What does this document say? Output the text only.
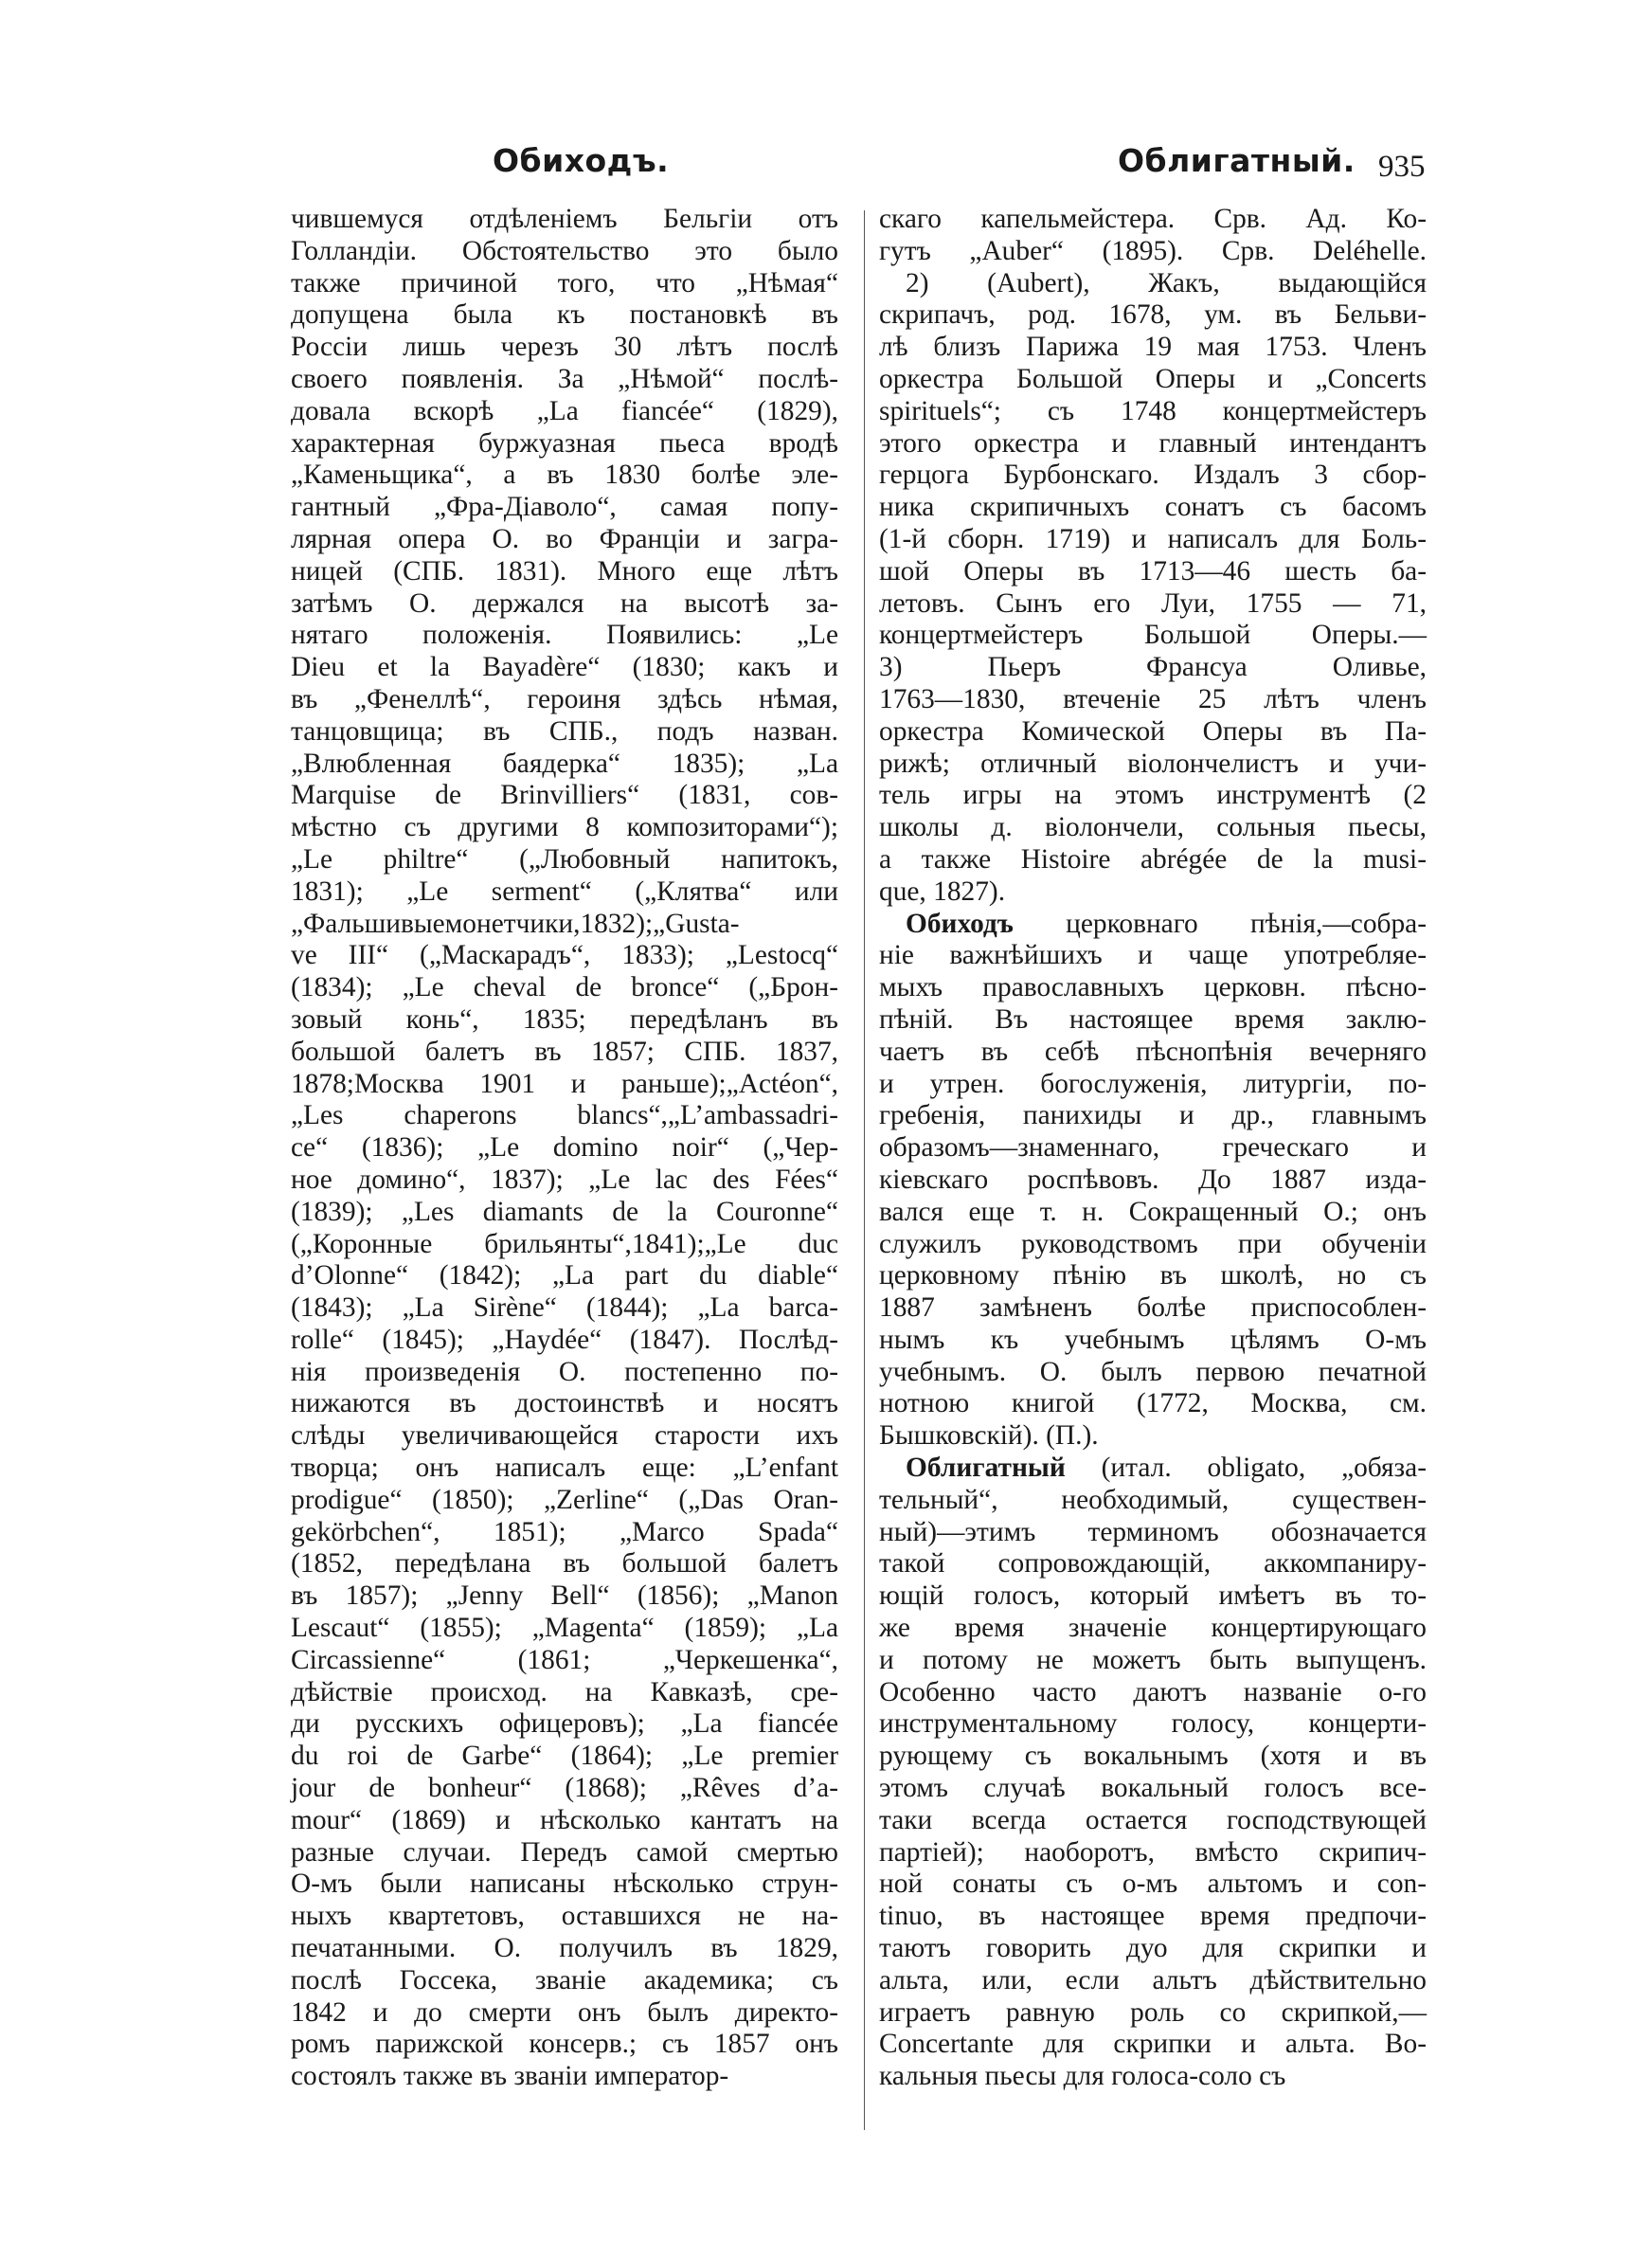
Обиходъ.	Облигатный. 935
чившемуся отдѣленіемъ Бельгіи отъ
Голландіи. Обстоятельство это было
также причиной того, что „Нѣмая“
допущена была къ постановкѣ въ
Россіи лишь черезъ 30 лѣтъ послѣ
своего появленія. За „Нѣмой“ послѣ-
довала вскорѣ „La fiancée“ (1829),
характерная буржуазная пьеса вродѣ
„Каменьщика“, а въ 1830 болѣе эле-
гантный „Фра-Діаволо“, самая попу-
лярная опера О. во Франціи и загра-
ницей (СПБ. 1831). Много еще лѣтъ
затѣмъ О. держался на высотѣ за-
нятаго положенія. Появились: „Le
Dieu et la Bayadère“ (1830; какъ и
въ „Фенеллѣ“, героиня здѣсь нѣмая,
танцовщица; въ СПБ., подъ назван.
„Влюбленная баядерка“ 1835); „La
Marquise de Brinvilliers“ (1831, сов-
мѣстно съ другими 8 композиторами“);
„Le philtre“ („Любовный напитокъ,
1831); „Le serment“ („Клятва“ или
„Фальшивыемонетчики,1832);„Gusta-
ve III“ („Маскарадъ“, 1833); „Lestocq“
(1834); „Le cheval de bronce“ („Брон-
зовый конь“, 1835; передѣланъ въ
большой балетъ въ 1857; СПБ. 1837,
1878;Москва 1901 и раньше);„Actéon“,
„Les chaperons blancs“,„L’ambassadri-
ce“ (1836); „Le domino noir“ („Чер-
ное домино“, 1837); „Le lac des Fées“
(1839); „Les diamants de la Couronne“
(„Коронные брильянты“,1841);„Le duc
d’Olonne“ (1842); „La part du diable“
(1843); „La Sirène“ (1844); „La barca-
rolle“ (1845); „Haydée“ (1847). Послѣд-
нія произведенія О. постепенно по-
нижаются въ достоинствѣ и носятъ
слѣды увеличивающейся старости ихъ
творца; онъ написалъ еще: „L’enfant
prodigue“ (1850); „Zerline“ („Das Oran-
gekörbchen“, 1851); „Marco Spada“
(1852, передѣлана въ большой балетъ
въ 1857); „Jenny Bell“ (1856); „Manon
Lescaut“ (1855); „Magenta“ (1859); „La
Circassienne“ (1861; „Черкешенка“,
дѣйствіе происход. на Кавказѣ, сре-
ди русскихъ офицеровъ); „La fiancée
du roi de Garbe“ (1864); „Le premier
jour de bonheur“ (1868); „Rêves d’a-
mour“ (1869) и нѣсколько кантатъ на
разные случаи. Передъ самой смертью
О-мъ были написаны нѣсколько струн-
ныхъ квартетовъ, оставшихся не на-
печатанными. О. получилъ въ 1829,
послѣ Госсека, званіе академика; съ
1842 и до смерти онъ былъ директо-
ромъ парижской консерв.; съ 1857 онъ
состоялъ также въ званіи император-
скаго капельмейстера. Срв. Ад. Ко-
гутъ „Auber“ (1895). Срв. Deléhelle.
2) (Aubert), Жакъ, выдающійся
скрипачъ, род. 1678, ум. въ Бельви-
лѣ близъ Парижа 19 мая 1753. Членъ
оркестра Большой Оперы и „Concerts
spirituels“; съ 1748 концертмейстеръ
этого оркестра и главный интендантъ
герцога Бурбонскаго. Издалъ 3 сбор-
ника скрипичныхъ сонатъ съ басомъ
(1-й сборн. 1719) и написалъ для Боль-
шой Оперы въ 1713—46 шесть ба-
летовъ. Сынъ его Луи, 1755 — 71,
концертмейстеръ Большой Оперы.—
3) Пьеръ Франсуа Оливье,
1763—1830, втеченіе 25 лѣтъ членъ
оркестра Комической Оперы въ Па-
рижѣ; отличный віолончелистъ и учи-
тель игры на этомъ инструментѣ (2
школы д. віолончели, сольныя пьесы,
а также Histoire abrégée de la musi-
que, 1827).
Обиходъ церковнаго пѣнія,—собра-
ніе важнѣйшихъ и чаще употребляе-
мыхъ православныхъ церковн. пѣсно-
пѣній. Въ настоящее время заклю-
чаетъ въ себѣ пѣснопѣнія вечерняго
и утрен. богослуженія, литургіи, по-
гребенія, панихиды и др., главнымъ
образомъ—знаменнаго, греческаго и
кіевскаго роспѣвовъ. До 1887 изда-
вался еще т. н. Сокращенный О.; онъ
служилъ руководствомъ при обученіи
церковному пѣнію въ школѣ, но съ
1887 замѣненъ болѣе приспособлен-
нымъ къ учебнымъ цѣлямъ О-мъ
учебнымъ. О. былъ первою печатной
нотною книгой (1772, Москва, см.
Бышковскій). (П.).
Облигатный (итал. obligato, „обяза-
тельный“, необходимый, существен-
ный)—этимъ терминомъ обозначается
такой сопровождающій, аккомпаниру-
ющій голосъ, который имѣетъ въ то-
же время значеніе концертирующаго
и потому не можетъ быть выпущенъ.
Особенно часто даютъ названіе о-го
инструментальному голосу, концерти-
рующему съ вокальнымъ (хотя и въ
этомъ случаѣ вокальный голосъ все-
таки всегда остается господствующей
партіей); наоборотъ, вмѣсто скрипич-
ной сонаты съ о-мъ альтомъ и con-
tinuo, въ настоящее время предпочи-
таютъ говорить дуо для скрипки и
альта, или, если альтъ дѣйствительно
играетъ равную роль со скрипкой,—
Concertante для скрипки и альта. Во-
кальныя пьесы для голоса-соло съ
